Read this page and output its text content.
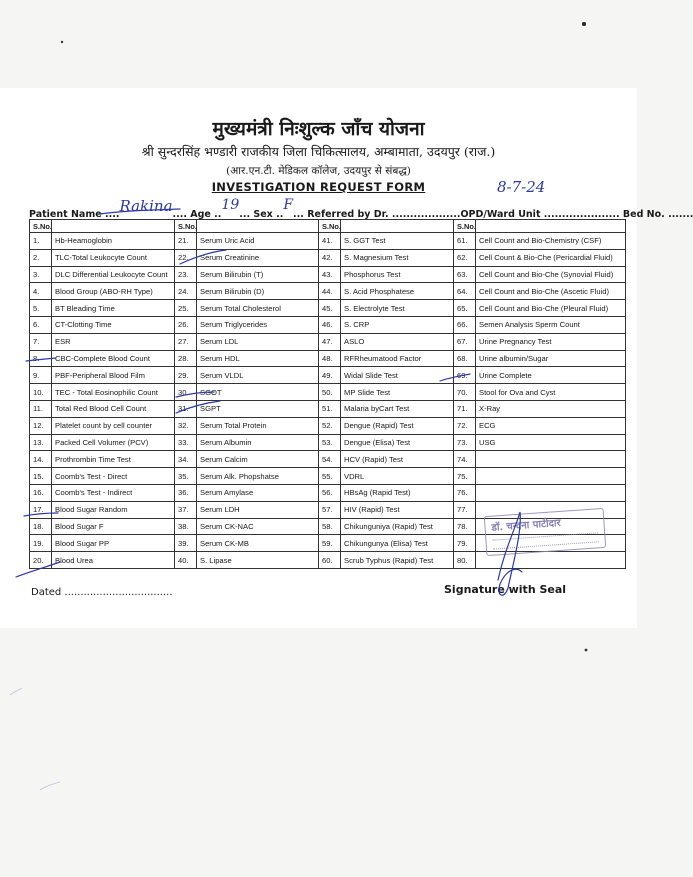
मुख्यमंत्री निःशुल्क जाँच योजना
श्री सुन्दरसिंह भण्डारी राजकीय जिला चिकित्सालय, अम्बामाता, उदयपुर (राज.)
(आर.एन.टी. मेडिकल कॉलेज, उदयपुर से संबद्ध)
INVESTIGATION REQUEST FORM	8-7-24
Patient Name ....Rakina.... Age ..19... Sex ..F... Referred by Dr. ...................OPD/Ward Unit ..................... Bed No. .......
S.No.		S.No.		S.No.		S.No.	
1.	Hb-Heamoglobin	21.	Serum Uric Acid	41.	S. GGT Test	61.	Cell Count and Bio-Chemistry (CSF)
2.	TLC-Total Leukocyte Count	22.	Serum Creatinine	42.	S. Magnesium Test	62.	Cell Count & Bio-Che (Pericardial Fluid)
3.	DLC Differential Leukocyte Count	23.	Serum Bilirubin (T)	43.	Phosphorus Test	63.	Cell Count and Bio-Che (Synovial Fluid)
4.	Blood Group (ABO-RH Type)	24.	Serum Bilirubin (D)	44.	S. Acid Phosphatese	64.	Cell Count and Bio-Che (Ascetic Fluid)
5.	BT Bleading Time	25.	Serum Total Cholesterol	45.	S. Electrolyte Test	65.	Cell Count and Bio-Che (Pleural Fluid)
6.	CT-Clotting Time	26.	Serum Triglycerides	46.	S. CRP	66.	Semen Analysis Sperm Count
7.	ESR	27.	Serum LDL	47.	ASLO	67.	Urine Pregnancy Test
8.	CBC-Complete Blood Count	28.	Serum HDL	48.	RFRheumatood Factor	68.	Urine albumin/Sugar
9.	PBF-Peripheral Blood Film	29.	Serum VLDL	49.	Widal Slide Test	69.	Urine Complete
10.	TEC - Total Eosinophilic Count	30.	SGOT	50.	MP Slide Test	70.	Stool for Ova and Cyst
11.	Total Red Blood Cell Count	31.	SGPT	51.	Malaria byCart Test	71.	X-Ray
12.	Platelet count by cell counter	32.	Serum Total Protein	52.	Dengue (Rapid) Test	72.	ECG
13.	Packed Cell Volumer (PCV)	33.	Serum Albumin	53.	Dengue (Elisa) Test	73.	USG
14.	Prothrombin Time Test	34.	Serum Calcim	54.	HCV (Rapid) Test	74.	
15.	Coomb's Test - Direct	35.	Serum Alk. Phopshatse	55.	VDRL	75.	
16.	Coomb's Test - Indirect	36.	Serum Amylase	56.	HBsAg (Rapid Test)	76.	
17.	Blood Sugar Random	37.	Serum LDH	57.	HIV (Rapid) Test	77.	
18.	Blood Sugar F	38.	Serum CK-NAC	58.	Chikunguniya (Rapid) Test	78.	
19.	Blood Sugar PP	39.	Serum CK-MB	59.	Chikungunya (Elisa) Test	79.	
20.	Blood Urea	40.	S. Lipase	60.	Scrub Typhus (Rapid) Test	80.	
Dated ..................................	Signature with Seal
डॉ. चन्दना पाटीदार
